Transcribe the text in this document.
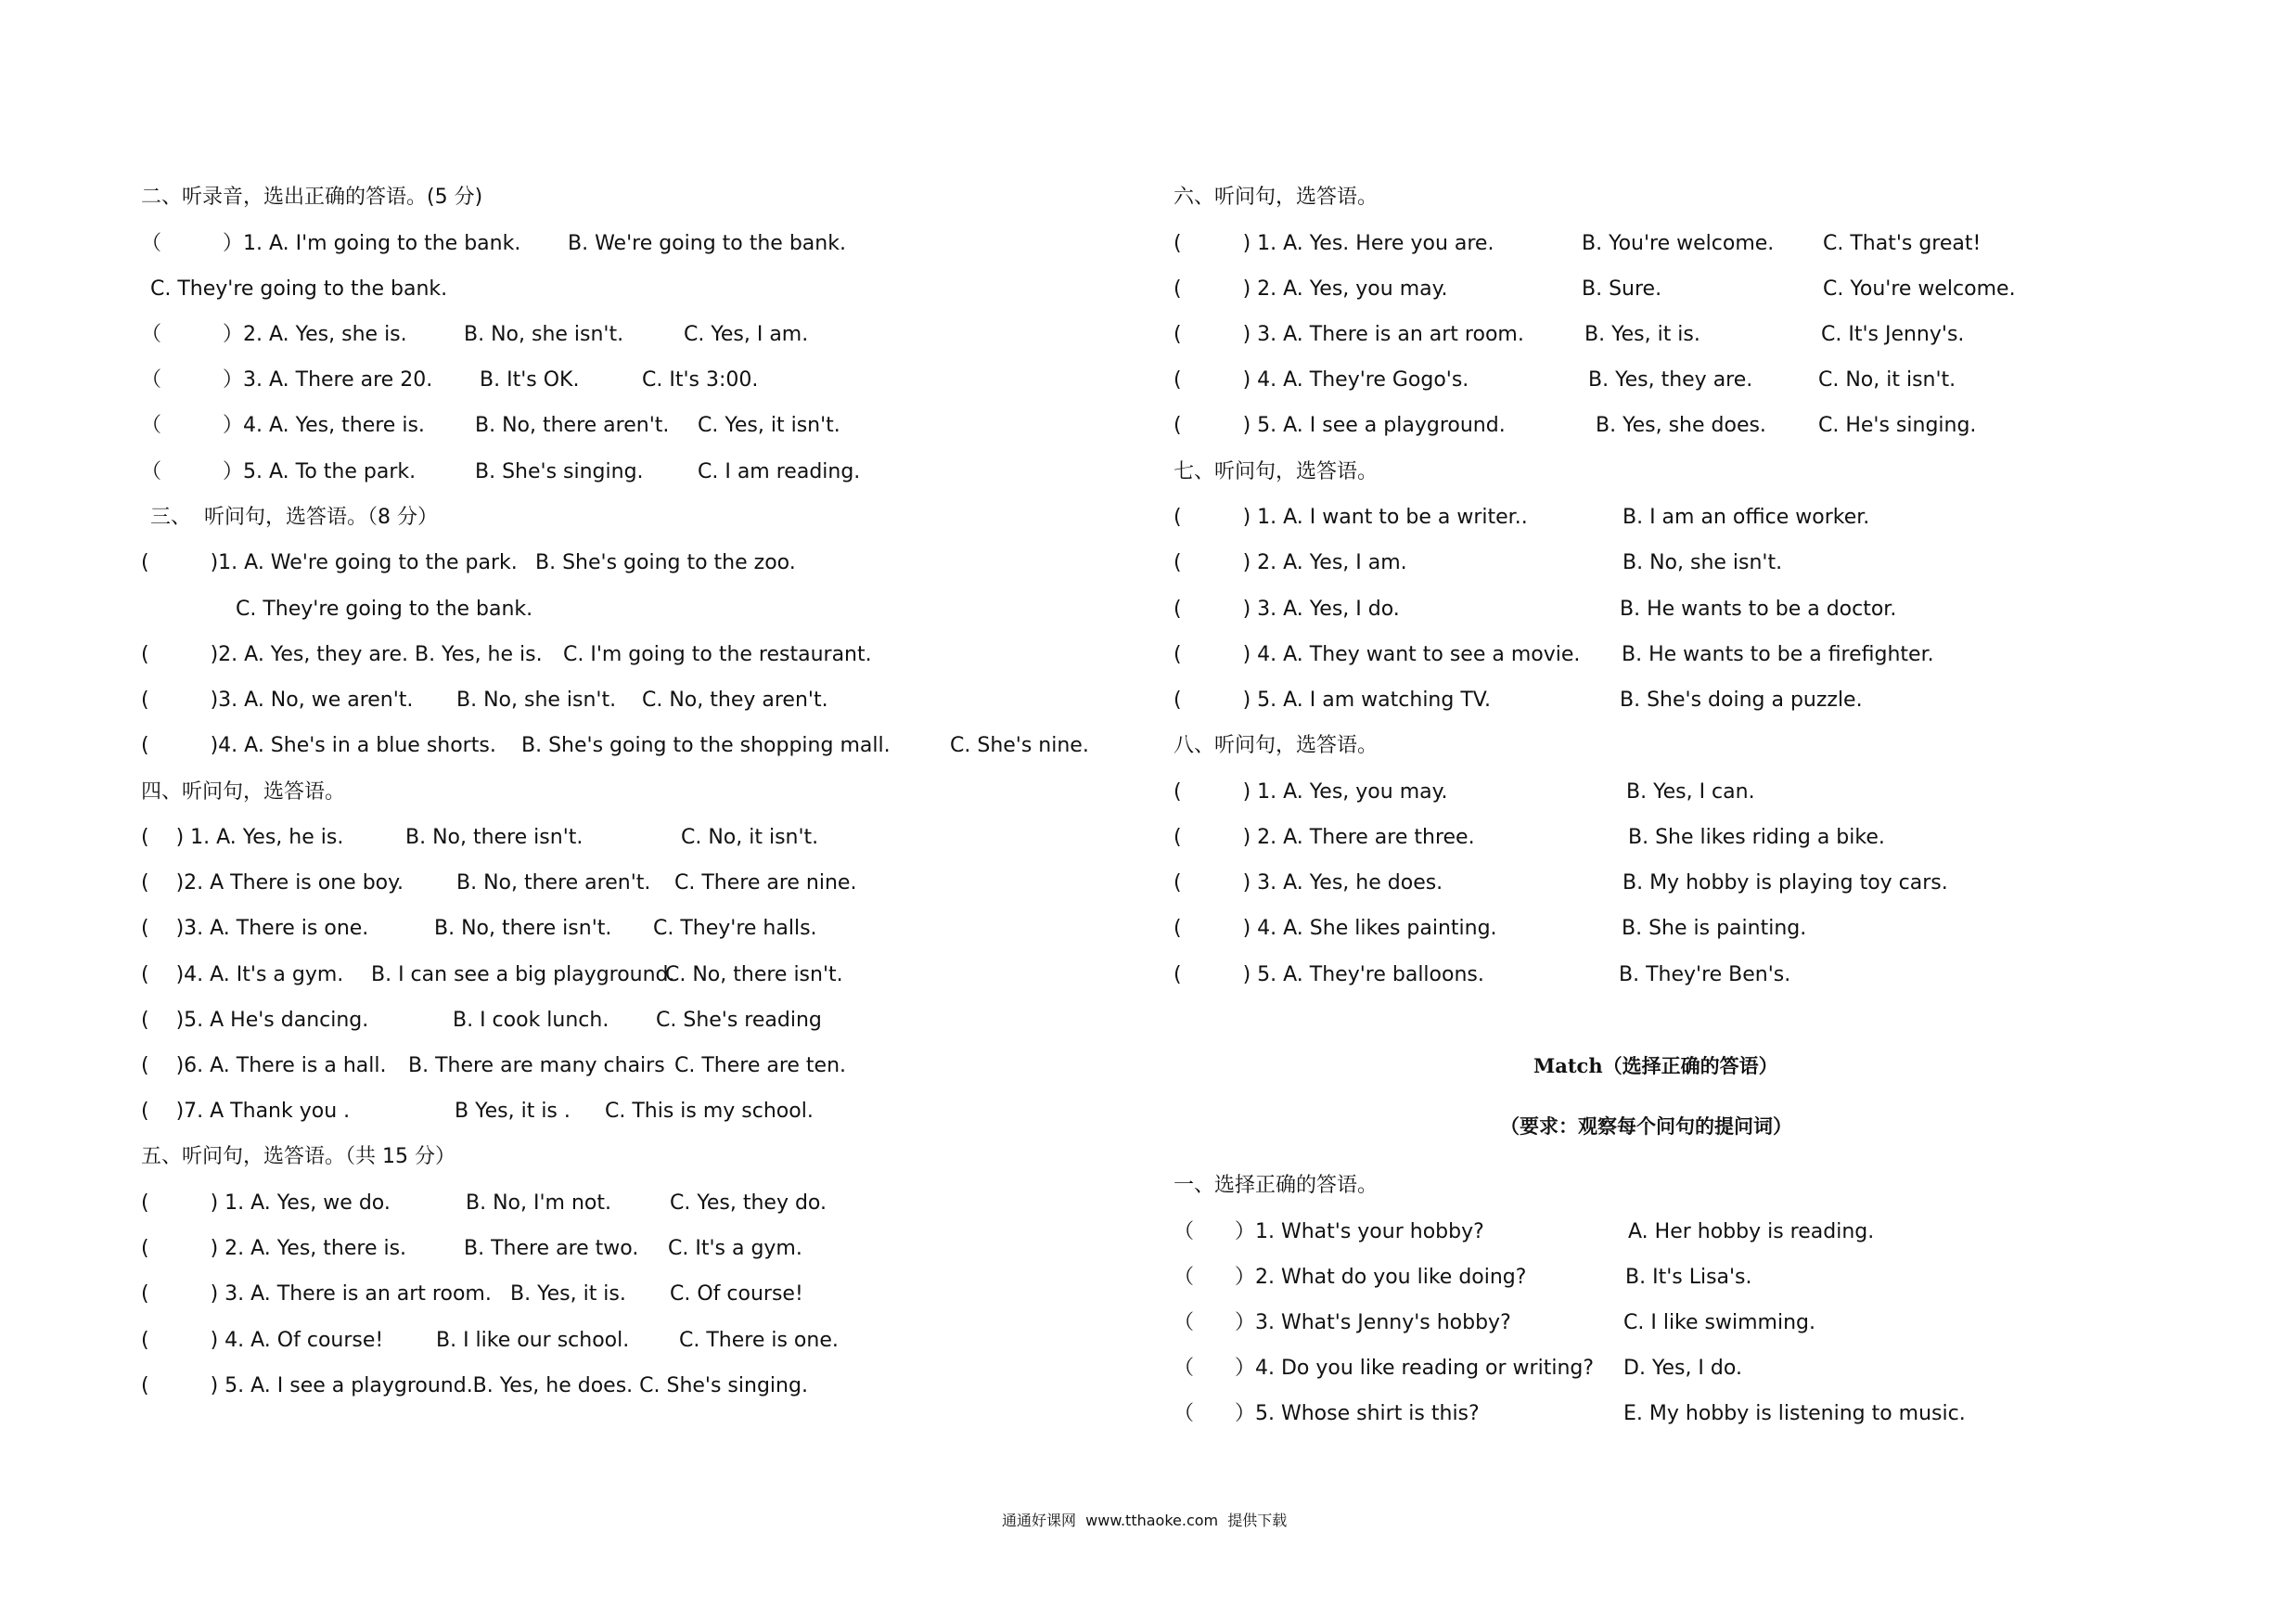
二、听录音，选出正确的答语。(5 分)
（　　　）1. A. I'm going to the bank. B. We're going to the bank.
C. They're going to the bank.
（　　　）2. A. Yes, she is.	B. No, she isn't.	C. Yes, I am.
（　　　）3. A. There are 20. B. It's OK.	C. It's 3:00.
（　　　）4. A. Yes, there is. B. No, there aren't. C. Yes, it isn't.
（　　　）5. A. To the park.	B. She's singing.	C. I am reading.
三、  听问句，选答语。（8 分）
(　　　)1. A. We're going to the park. B. She's going to the zoo.
C. They're going to the bank.
(　　　)2. A. Yes, they are. B. Yes, he is. C. I'm going to the restaurant.
(　　　)3. A. No, we aren't. B. No, she isn't. C. No, they aren't.
(　　　)4. A. She's in a blue shorts. B. She's going to the shopping mall.	C. She's nine.
四、听问句，选答语。
(　 ) 1. A. Yes, he is.	B. No, there isn't.	C. No, it isn't.
(　 )2. A There is one boy.	B. No, there aren't. C. There are nine.
(　 )3. A. There is one.	B. No, there isn't. C. They're halls.
(　 )4. A. It's a gym. B. I can see a big playground.
C. No, there isn't.
(　 )5. A He's dancing.	B. I cook lunch. C. She's reading
(　 )6. A. There is a hall. B. There are many chairs C. There are ten.
(　 )7. A Thank you .	B Yes, it is . C. This is my school.
五、听问句，选答语。（共 15 分）
(　　　) 1. A. Yes, we do.	B. No, I'm not.	C. Yes, they do.
(　　　) 2. A. Yes, there is.	B. There are two. C. It's a gym.
(　　　) 3. A. There is an art room. B. Yes, it is. C. Of course!
(　　　) 4. A. Of course!	B. I like our school. C. There is one.
(　　　) 5. A. I see a playground.B. Yes, he does. C. She's singing.
六、听问句，选答语。
(　　　) 1. A. Yes. Here you are.	B. You're welcome. C. That's great!
(　　　) 2. A. Yes, you may.	B. Sure.	C. You're welcome.
(　　　) 3. A. There is an art room.	B. Yes, it is.	C. It's Jenny's.
(　　　) 4. A. They're Gogo's.	B. Yes, they are.	C. No, it isn't.
(　　　) 5. A. I see a playground.	B. Yes, she does.	C. He's singing.
七、听问句，选答语。
(　　　) 1. A. I want to be a writer..	B. I am an office worker.
(　　　) 2. A. Yes, I am.	B. No, she isn't.
(　　　) 3. A. Yes, I do.	B. He wants to be a doctor.
(　　　) 4. A. They want to see a movie. B. He wants to be a firefighter.
(　　　) 5. A. I am watching TV.	B. She's doing a puzzle.
八、听问句，选答语。
(　　　) 1. A. Yes, you may.	B. Yes, I can.
(　　　) 2. A. There are three.	B. She likes riding a bike.
(　　　) 3. A. Yes, he does.	B. My hobby is playing toy cars.
(　　　) 4. A. She likes painting.	B. She is painting.
(　　　) 5. A. They're balloons.	B. They're Ben's.
Match（选择正确的答语）
（要求：观察每个问句的提问词）
一、选择正确的答语。
（　　）1. What's your hobby?	A. Her hobby is reading.
（　　）2. What do you like doing?	B. It's Lisa's.
（　　）3. What's Jenny's hobby?	C. I like swimming.
（　　）4. Do you like reading or writing? D. Yes, I do.
（　　）5. Whose shirt is this?	E. My hobby is listening to music.
通通好课网  www.tthaoke.com  提供下载
